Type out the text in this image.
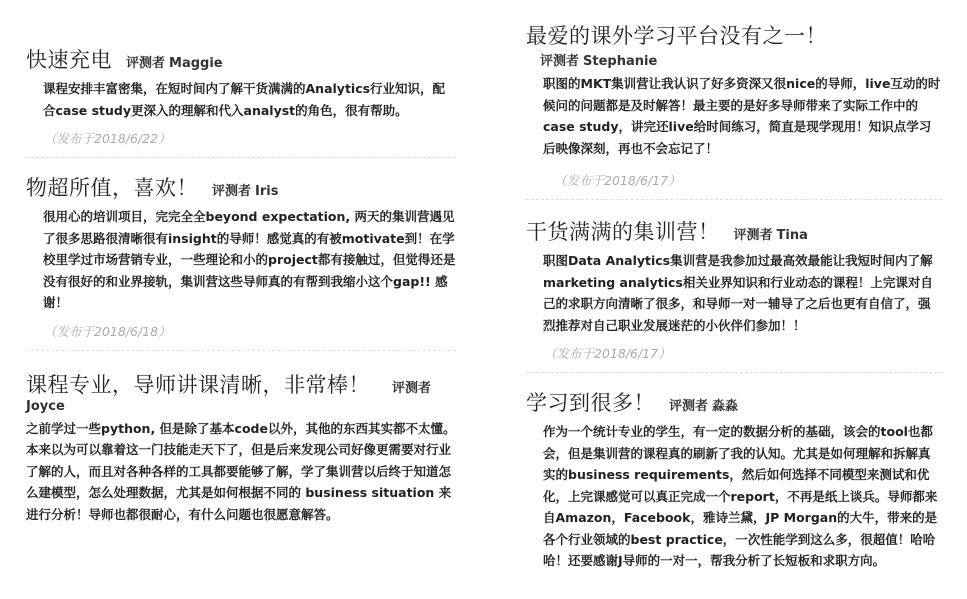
快速充电 评测者 Maggie
课程安排丰富密集，在短时间内了解干货满满的Analytics行业知识，配合case study更深入的理解和代入analyst的角色，很有帮助。
（发布于2018/6/22）
物超所值，喜欢！ 评测者 Iris
很用心的培训项目，完完全全beyond expectation, 两天的集训营遇见了很多思路很清晰很有insight的导师！感觉真的有被motivate到！在学校里学过市场营销专业，一些理论和小的project都有接触过，但觉得还是没有很好的和业界接轨，集训营这些导师真的有帮到我缩小这个gap!! 感谢！
（发布于2018/6/18）
课程专业，导师讲课清晰，非常棒！ 评测者
Joyce
之前学过一些python, 但是除了基本code以外，其他的东西其实都不太懂。本来以为可以靠着这一门技能走天下了，但是后来发现公司好像更需要对行业了解的人，而且对各种各样的工具都要能够了解，学了集训营以后终于知道怎么建模型，怎么处理数据，尤其是如何根据不同的 business situation 来进行分析！导师也都很耐心，有什么问题也很愿意解答。
最爱的课外学习平台没有之一！
评测者 Stephanie
职图的MKT集训营让我认识了好多资深又很nice的导师，live互动的时候问的问题都是及时解答！最主要的是好多导师带来了实际工作中的case study，讲完还live给时间练习，简直是现学现用！知识点学习后映像深刻，再也不会忘记了！
（发布于2018/6/17）
干货满满的集训营！ 评测者 Tina
职图Data Analytics集训营是我参加过最高效最能让我短时间内了解marketing analytics相关业界知识和行业动态的课程！上完课对自己的求职方向清晰了很多，和导师一对一辅导了之后也更有自信了，强烈推荐对自己职业发展迷茫的小伙伴们参加！！
（发布于2018/6/17）
学习到很多！ 评测者 淼淼
作为一个统计专业的学生，有一定的数据分析的基础，该会的tool也都会，但是集训营的课程真的刷新了我的认知。尤其是如何理解和拆解真实的business requirements，然后如何选择不同模型来测试和优化，上完课感觉可以真正完成一个report，不再是纸上谈兵。导师都来自Amazon，Facebook，雅诗兰黛，JP Morgan的大牛，带来的是各个行业领域的best practice，一次性能学到这么多，很超值！哈哈哈！还要感谢J导师的一对一，帮我分析了长短板和求职方向。
